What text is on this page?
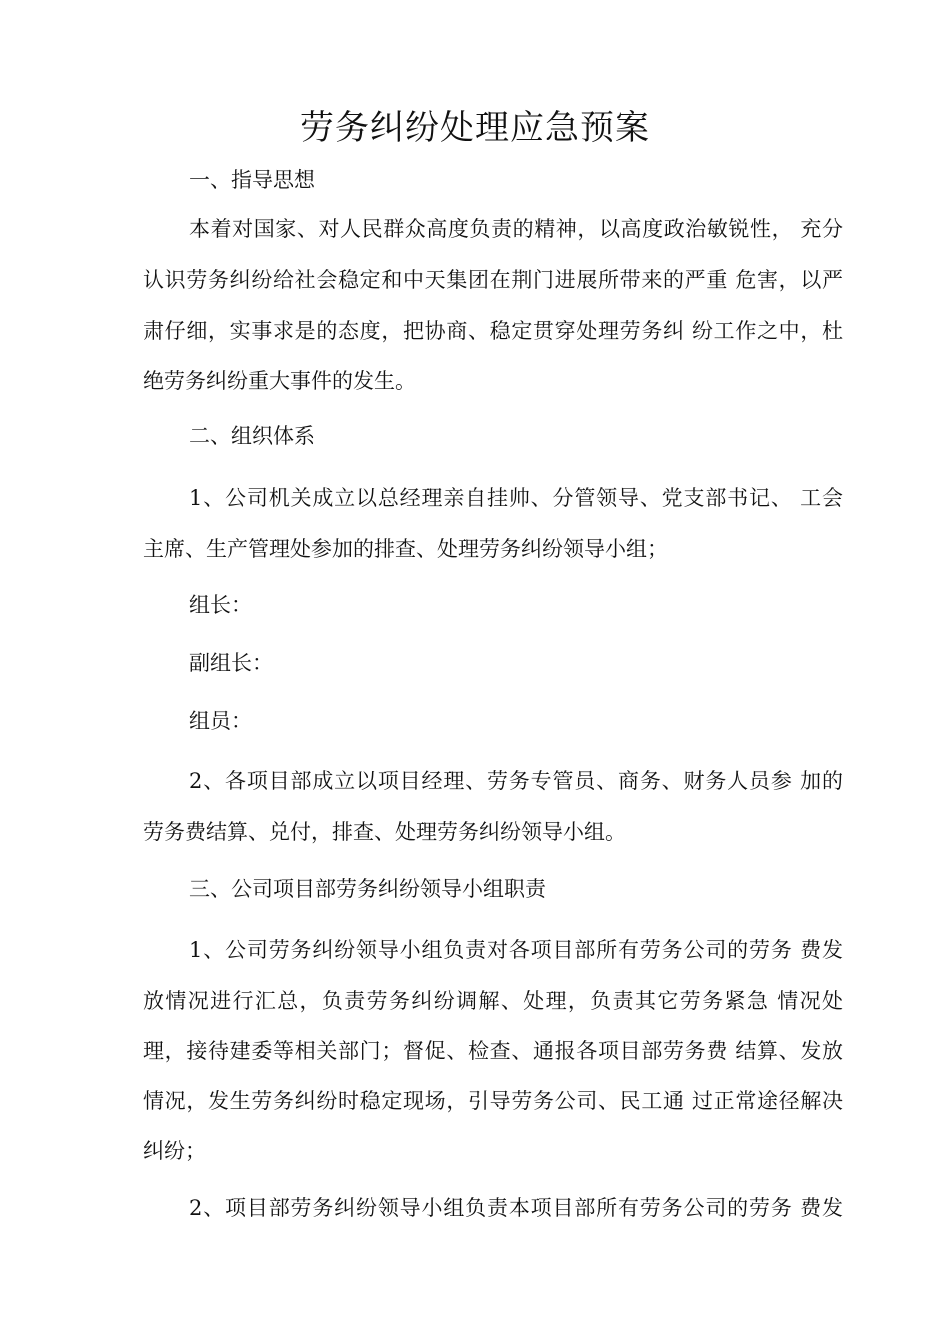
劳务纠纷处理应急预案
一、指导思想
本着对国家、对人民群众高度负责的精神，以高度政治敏锐性， 充分
认识劳务纠纷给社会稳定和中天集团在荆门进展所带来的严重 危害，以严
肃仔细，实事求是的态度，把协商、稳定贯穿处理劳务纠 纷工作之中，杜
绝劳务纠纷重大事件的发生。
二、组织体系
1、公司机关成立以总经理亲自挂帅、分管领导、党支部书记、 工会
主席、生产管理处参加的排查、处理劳务纠纷领导小组；
组长：
副组长：
组员：
2、各项目部成立以项目经理、劳务专管员、商务、财务人员参 加的
劳务费结算、兑付，排查、处理劳务纠纷领导小组。
三、公司项目部劳务纠纷领导小组职责
1、公司劳务纠纷领导小组负责对各项目部所有劳务公司的劳务 费发
放情况进行汇总，负责劳务纠纷调解、处理，负责其它劳务紧急 情况处
理，接待建委等相关部门；督促、检查、通报各项目部劳务费 结算、发放
情况，发生劳务纠纷时稳定现场，引导劳务公司、民工通 过正常途径解决
纠纷；
2、项目部劳务纠纷领导小组负责本项目部所有劳务公司的劳务 费发
